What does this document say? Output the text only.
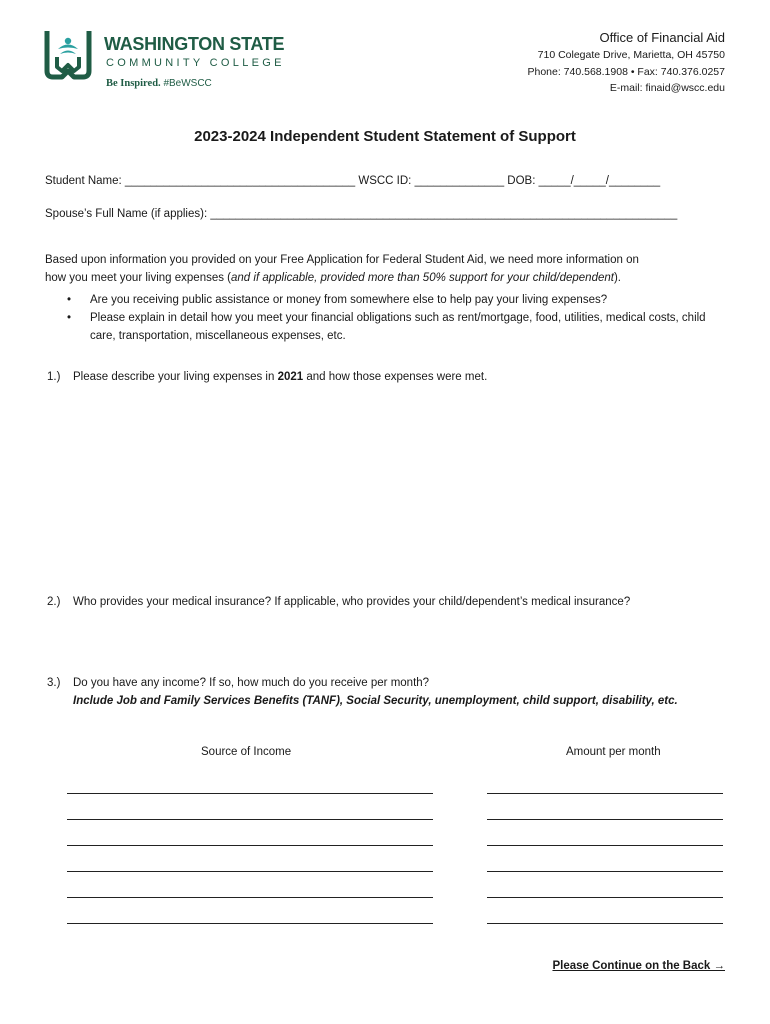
WASHINGTON STATE
COMMUNITY COLLEGE
Be Inspired. #BeWSCC
Office of Financial Aid
710 Colegate Drive, Marietta, OH 45750
Phone: 740.568.1908 • Fax: 740.376.0257
E-mail: finaid@wscc.edu
2023-2024 Independent Student Statement of Support
Student Name: ____________________________________ WSCC ID: ______________ DOB: _____/_____/________
Spouse’s Full Name (if applies): _________________________________________________________________________
Based upon information you provided on your Free Application for Federal Student Aid, we need more information on
how you meet your living expenses (and if applicable, provided more than 50% support for your child/dependent).
• Are you receiving public assistance or money from somewhere else to help pay your living expenses?
• Please explain in detail how you meet your financial obligations such as rent/mortgage, food, utilities, medical costs, child care, transportation, miscellaneous expenses, etc.
1.) Please describe your living expenses in 2021 and how those expenses were met.
2.) Who provides your medical insurance? If applicable, who provides your child/dependent’s medical insurance?
3.) Do you have any income? If so, how much do you receive per month?
Include Job and Family Services Benefits (TANF), Social Security, unemployment, child support, disability, etc.
Source of Income	Amount per month
Please Continue on the Back →
